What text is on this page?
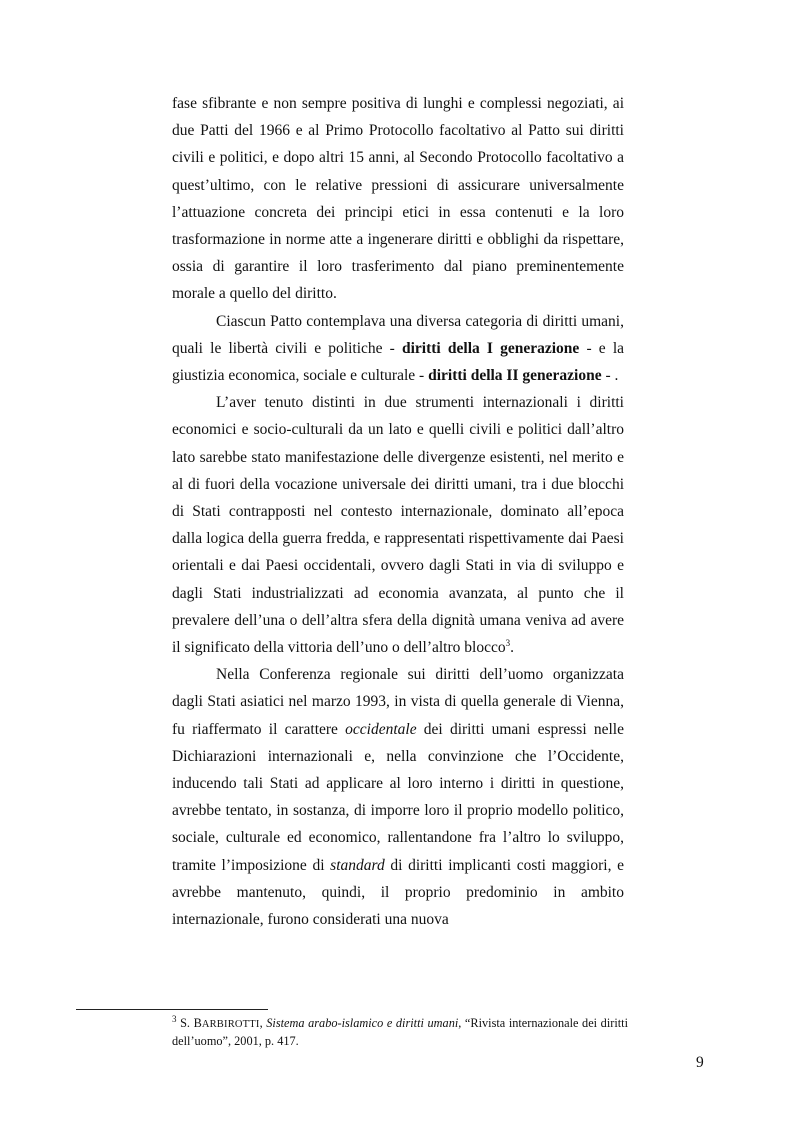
fase sfibrante e non sempre positiva di lunghi e complessi negoziati, ai due Patti del 1966 e al Primo Protocollo facoltativo al Patto sui diritti civili e politici, e dopo altri 15 anni, al Secondo Protocollo facoltativo a quest’ultimo, con le relative pressioni di assicurare universalmente l’attuazione concreta dei principi etici in essa contenuti e la loro trasformazione in norme atte a ingenerare diritti e obblighi da rispettare, ossia di garantire il loro trasferimento dal piano preminentemente morale a quello del diritto.

Ciascun Patto contemplava una diversa categoria di diritti umani, quali le libertà civili e politiche - diritti della I generazione - e la giustizia economica, sociale e culturale - diritti della II generazione - .

L’aver tenuto distinti in due strumenti internazionali i diritti economici e socio-culturali da un lato e quelli civili e politici dall’altro lato sarebbe stato manifestazione delle divergenze esistenti, nel merito e al di fuori della vocazione universale dei diritti umani, tra i due blocchi di Stati contrapposti nel contesto internazionale, dominato all’epoca dalla logica della guerra fredda, e rappresentati rispettivamente dai Paesi orientali e dai Paesi occidentali, ovvero dagli Stati in via di sviluppo e dagli Stati industrializzati ad economia avanzata, al punto che il prevalere dell’una o dell’altra sfera della dignità umana veniva ad avere il significato della vittoria dell’uno o dell’altro blocco$^3$.

Nella Conferenza regionale sui diritti dell’uomo organizzata dagli Stati asiatici nel marzo 1993, in vista di quella generale di Vienna, fu riaffermato il carattere occidentale dei diritti umani espressi nelle Dichiarazioni internazionali e, nella convinzione che l’Occidente, inducendo tali Stati ad applicare al loro interno i diritti in questione, avrebbe tentato, in sostanza, di imporre loro il proprio modello politico, sociale, culturale ed economico, rallentandone fra l’altro lo sviluppo, tramite l’imposizione di standard di diritti implicanti costi maggiori, e avrebbe mantenuto, quindi, il proprio predominio in ambito internazionale, furono considerati una nuova

$^3$ S. BARBIROTTI, Sistema arabo-islamico e diritti umani, “Rivista internazionale dei diritti dell’uomo”, 2001, p. 417.
9
